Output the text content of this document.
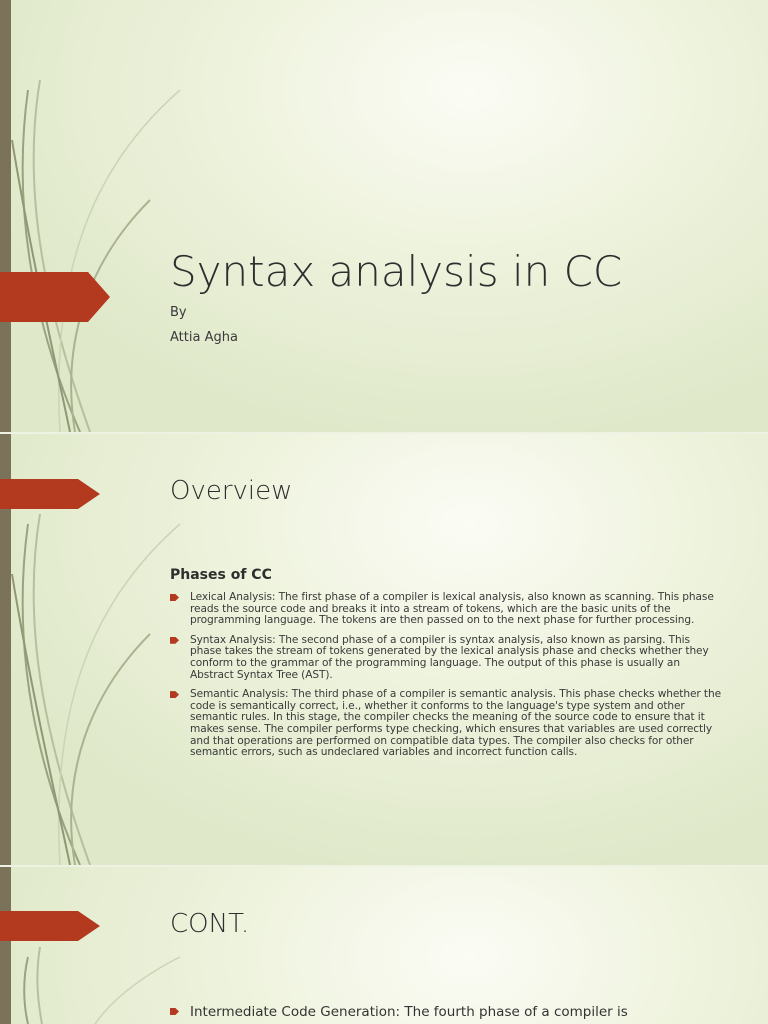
Syntax analysis in CC

By

Attia Agha

Overview

Phases of CC

Lexical Analysis: The first phase of a compiler is lexical analysis, also known as scanning. This phase reads the source code and breaks it into a stream of tokens, which are the basic units of the programming language. The tokens are then passed on to the next phase for further processing.
Syntax Analysis: The second phase of a compiler is syntax analysis, also known as parsing. This phase takes the stream of tokens generated by the lexical analysis phase and checks whether they conform to the grammar of the programming language. The output of this phase is usually an Abstract Syntax Tree (AST).
Semantic Analysis: The third phase of a compiler is semantic analysis. This phase checks whether the code is semantically correct, i.e., whether it conforms to the language's type system and other semantic rules. In this stage, the compiler checks the meaning of the source code to ensure that it makes sense. The compiler performs type checking, which ensures that variables are used correctly and that operations are performed on compatible data types. The compiler also checks for other semantic errors, such as undeclared variables and incorrect function calls.
CONT.
Intermediate Code Generation: The fourth phase of a compiler is
